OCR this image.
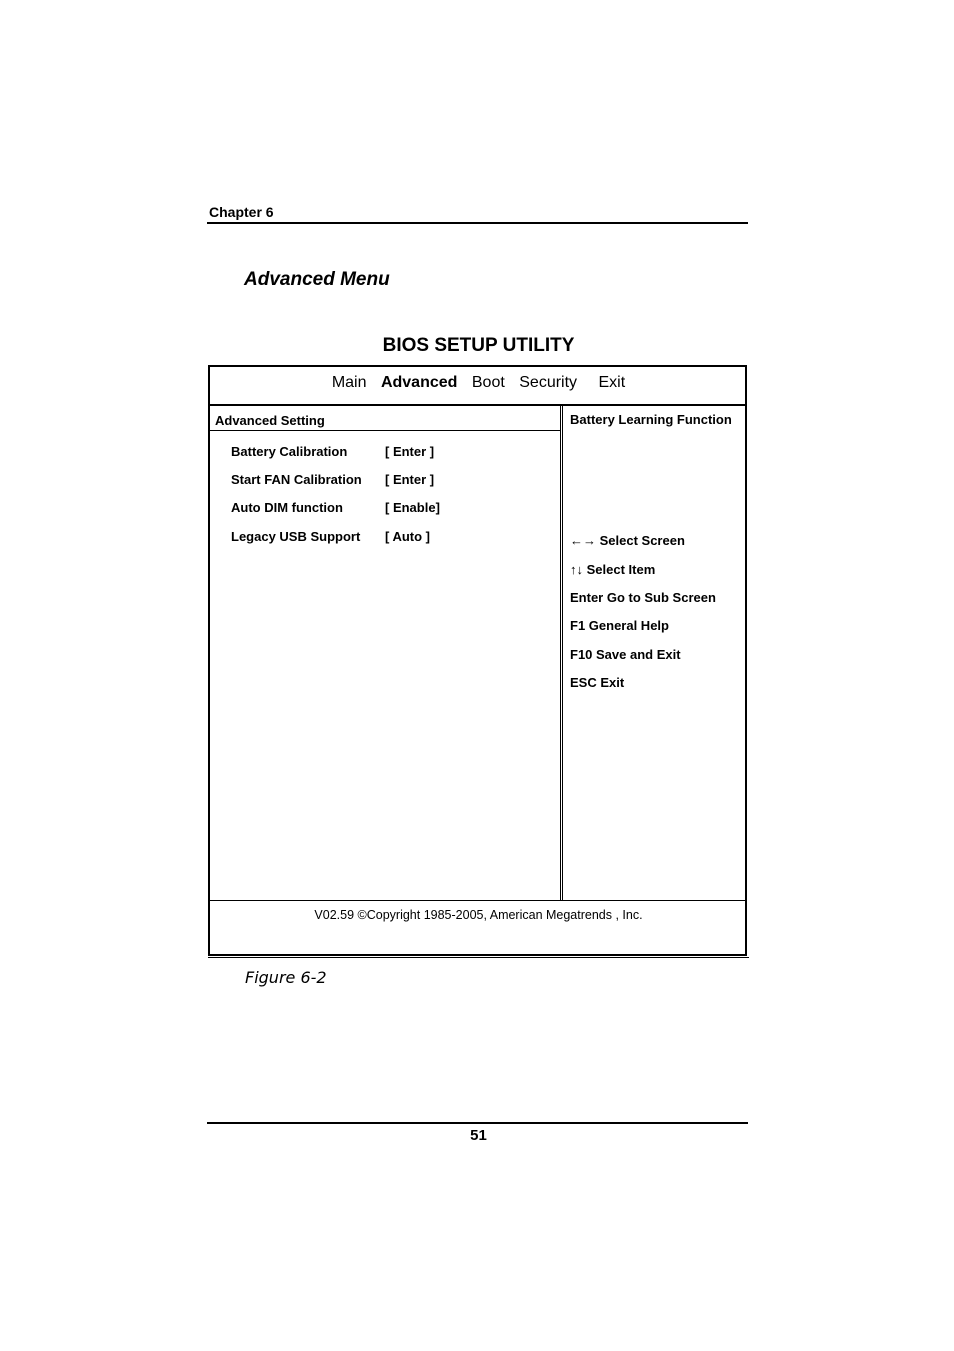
Chapter 6
Advanced Menu
BIOS SETUP UTILITY
Main Advanced Boot Security Exit
Advanced Setting
Battery Calibration	[ Enter ]
Start FAN Calibration [ Enter ]
Auto DIM function	[ Enable]
Legacy USB Support [ Auto ]
Battery Learning Function
←→ Select Screen
↑↓ Select Item
Enter Go to Sub Screen
F1 General Help
F10 Save and Exit
ESC Exit
V02.59 ©Copyright 1985-2005, American Megatrends , Inc.
Figure 6-2
51
